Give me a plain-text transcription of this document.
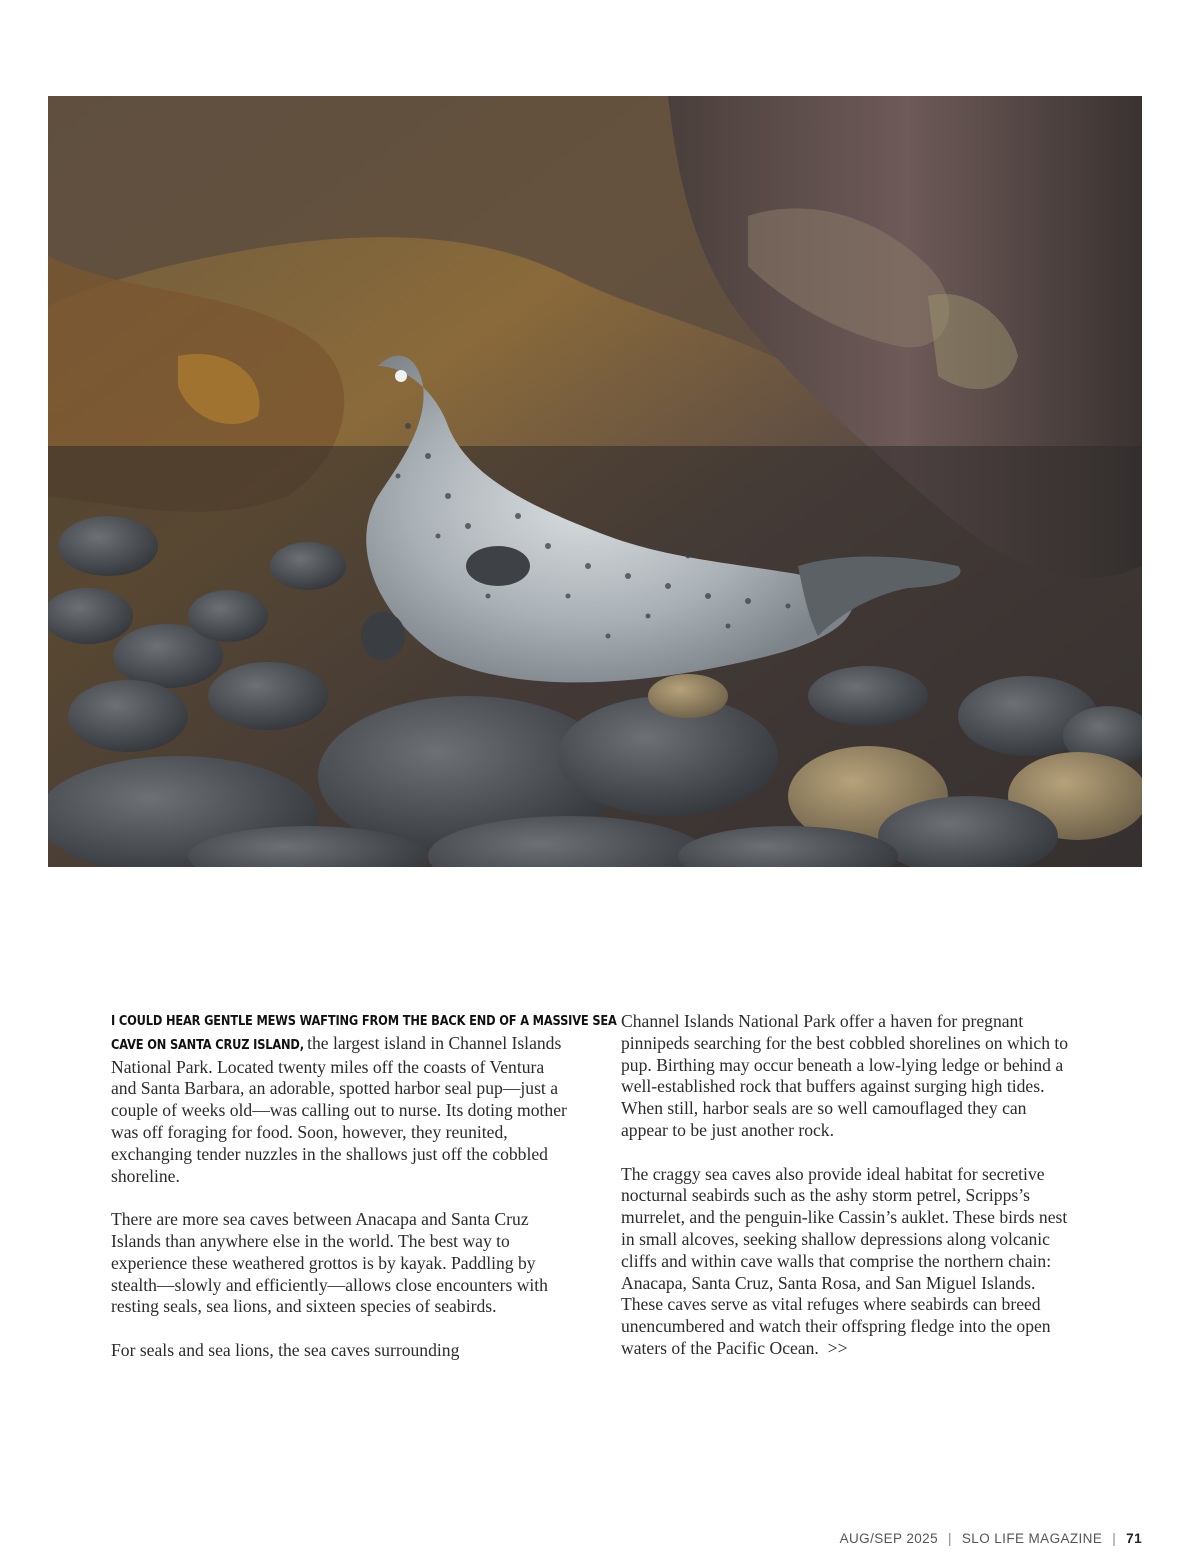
I COULD HEAR GENTLE MEWS WAFTING FROM THE BACK END OF A MASSIVE SEA
CAVE ON SANTA CRUZ ISLAND, the largest island in Channel Islands National Park. Located twenty miles off the coasts of Ventura and Santa Barbara, an adorable, spotted harbor seal pup—just a couple of weeks old—was calling out to nurse. Its doting mother was off foraging for food. Soon, however, they reunited, exchanging tender nuzzles in the shallows just off the cobbled shoreline.

There are more sea caves between Anacapa and Santa Cruz Islands than anywhere else in the world. The best way to experience these weathered grottos is by kayak. Paddling by stealth—slowly and efficiently—allows close encounters with resting seals, sea lions, and sixteen species of seabirds.

For seals and sea lions, the sea caves surrounding

Channel Islands National Park offer a haven for pregnant pinnipeds searching for the best cobbled shorelines on which to pup. Birthing may occur beneath a low-lying ledge or behind a well-established rock that buffers against surging high tides. When still, harbor seals are so well camouflaged they can appear to be just another rock.

The craggy sea caves also provide ideal habitat for secretive nocturnal seabirds such as the ashy storm petrel, Scripps’s murrelet, and the penguin-like Cassin’s auklet. These birds nest in small alcoves, seeking shallow depressions along volcanic cliffs and within cave walls that comprise the northern chain: Anacapa, Santa Cruz, Santa Rosa, and San Miguel Islands. These caves serve as vital refuges where seabirds can breed unencumbered and watch their offspring fledge into the open waters of the Pacific Ocean. >>

AUG/SEP 2025 | SLO LIFE MAGAZINE | 71
